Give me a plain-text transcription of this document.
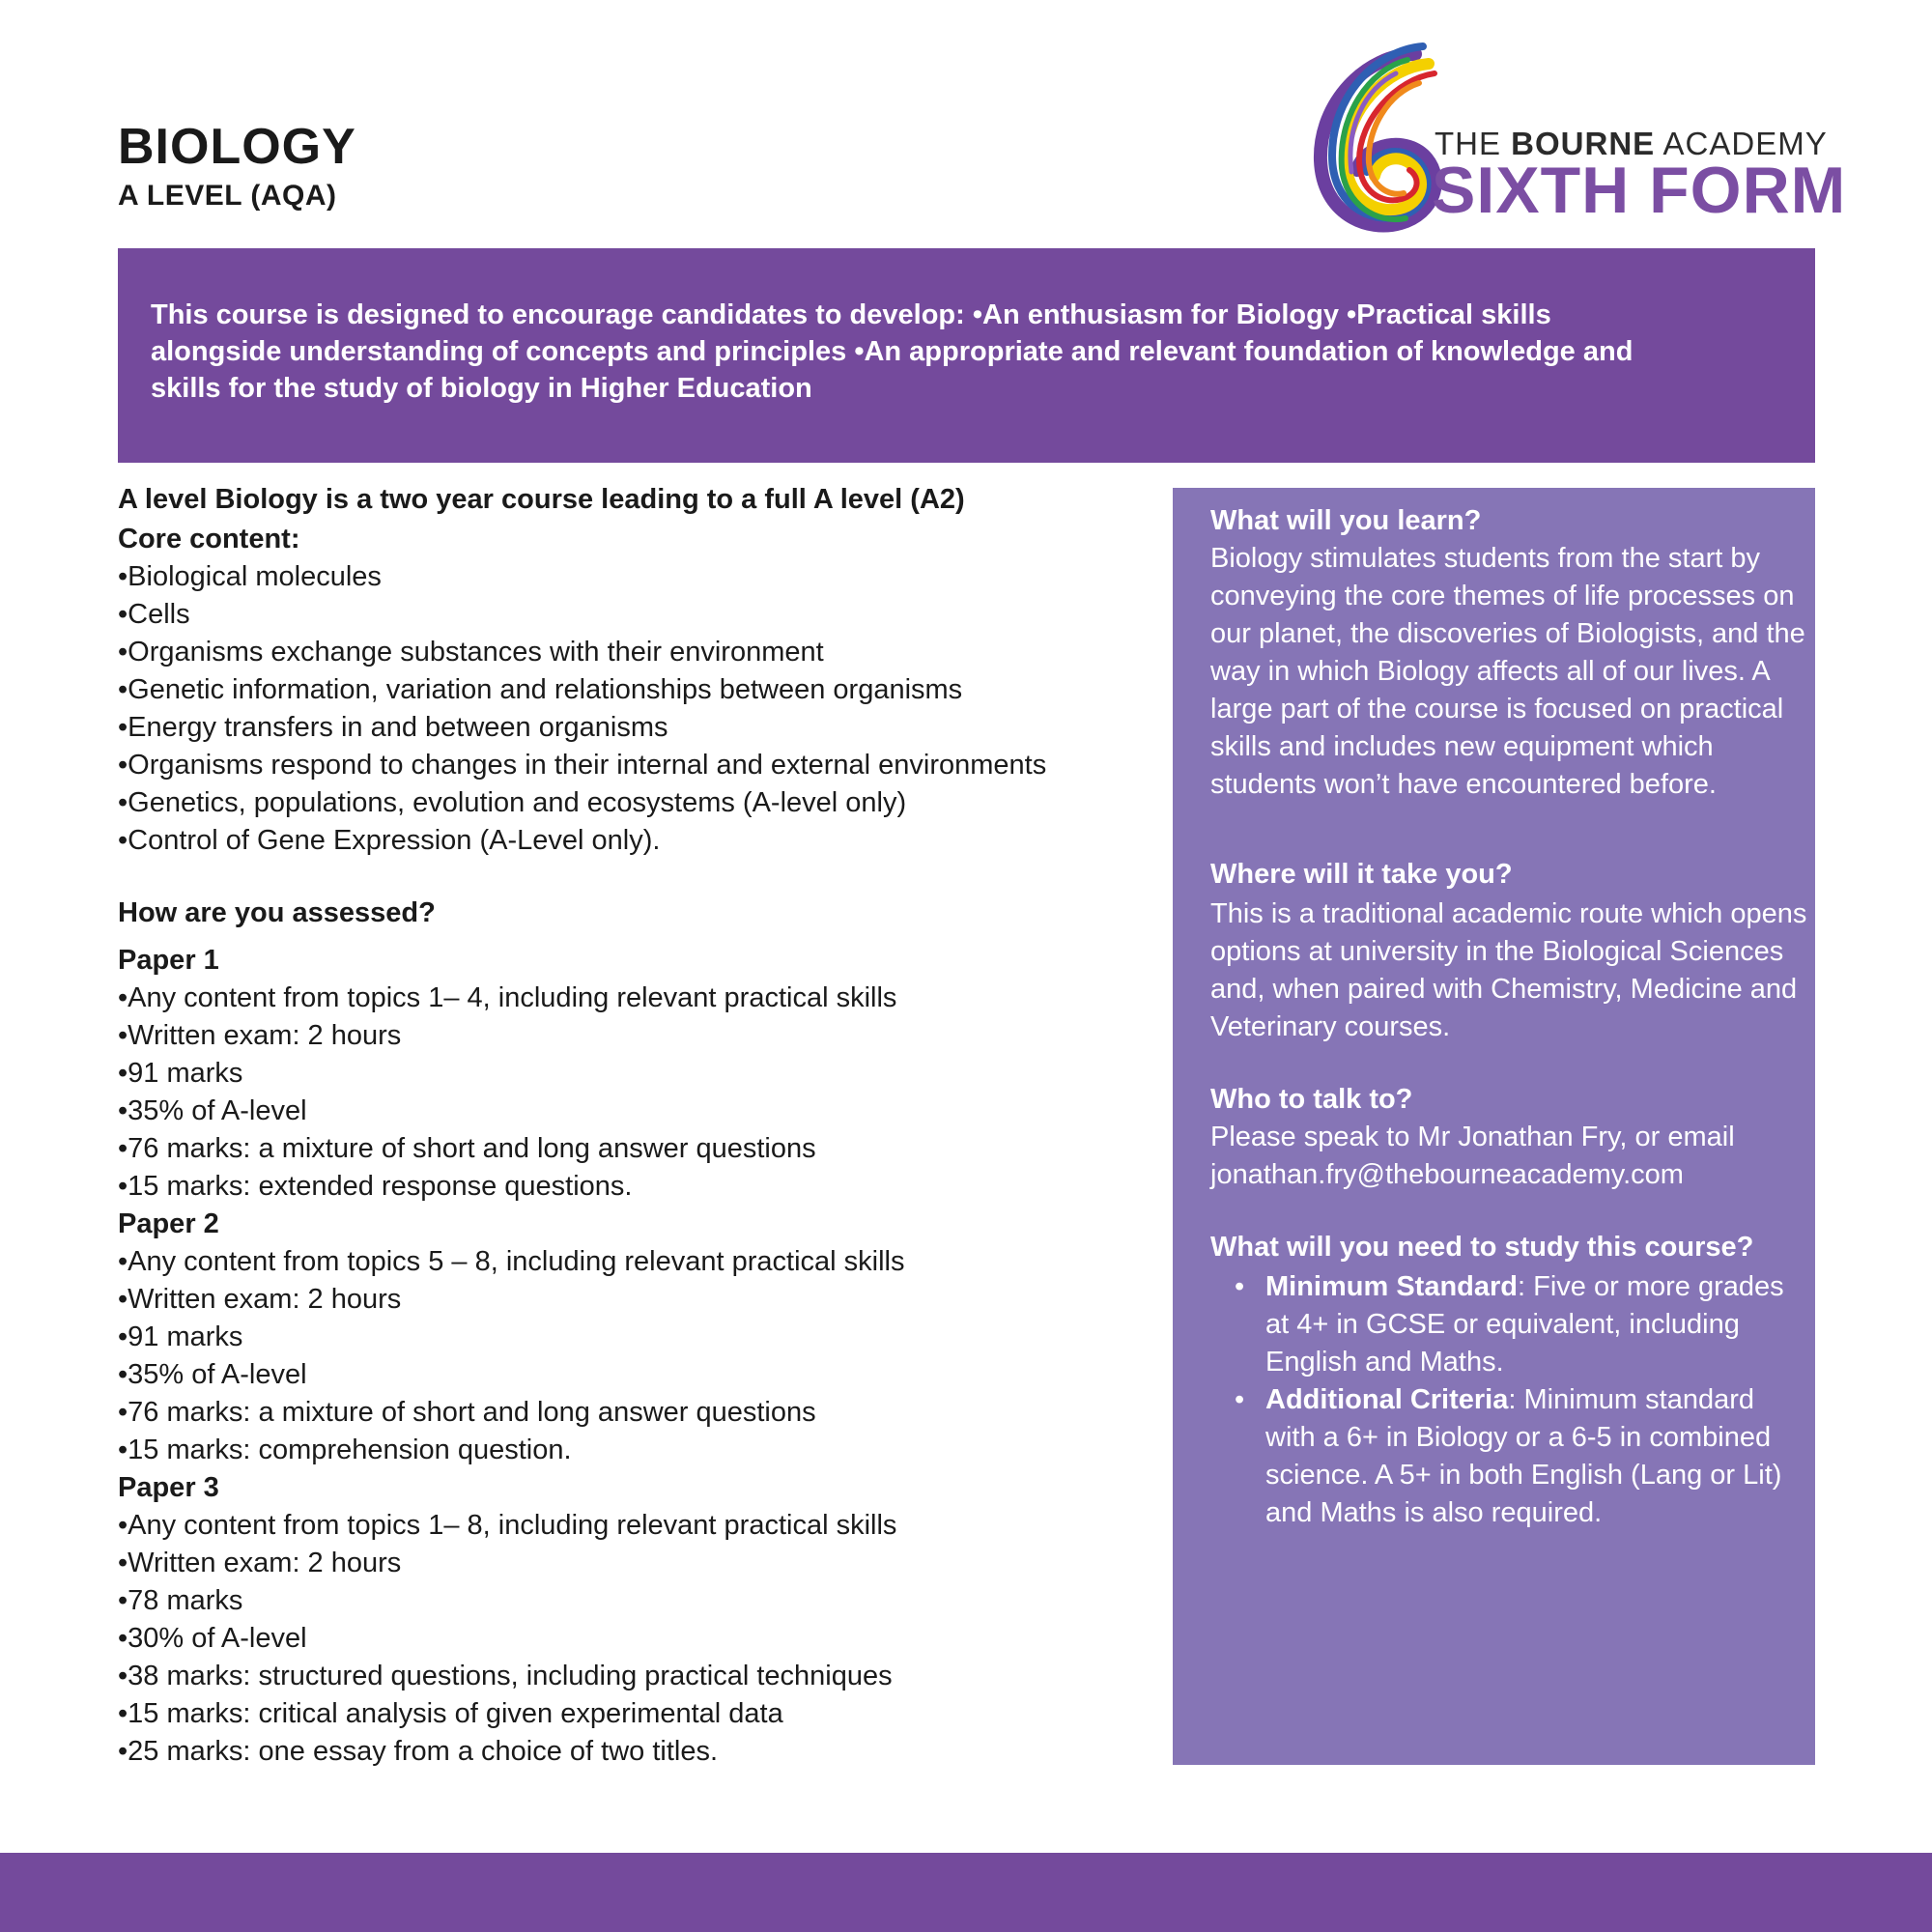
BIOLOGY
A LEVEL (AQA)
THE BOURNE ACADEMY
SIXTH FORM
This course is designed to encourage candidates to develop: •An enthusiasm for Biology •Practical skills alongside understanding of concepts and principles •An appropriate and relevant foundation of knowledge and skills for the study of biology in Higher Education
A level Biology is a two year course leading to a full A level (A2)
Core content:
•Biological molecules
•Cells
•Organisms exchange substances with their environment
•Genetic information, variation and relationships between organisms
•Energy transfers in and between organisms
•Organisms respond to changes in their internal and external environments
•Genetics, populations, evolution and ecosystems (A-level only)
•Control of Gene Expression (A-Level only).
How are you assessed?
Paper 1
•Any content from topics 1– 4, including relevant practical skills
•Written exam: 2 hours
•91 marks
•35% of A-level
•76 marks: a mixture of short and long answer questions
•15 marks: extended response questions.
Paper 2
•Any content from topics 5 – 8, including relevant practical skills
•Written exam: 2 hours
•91 marks
•35% of A-level
•76 marks: a mixture of short and long answer questions
•15 marks: comprehension question.
Paper 3
•Any content from topics 1– 8, including relevant practical skills
•Written exam: 2 hours
•78 marks
•30% of A-level
•38 marks: structured questions, including practical techniques
•15 marks: critical analysis of given experimental data
•25 marks: one essay from a choice of two titles.
What will you learn?
Biology stimulates students from the start by conveying the core themes of life processes on our planet, the discoveries of Biologists, and the way in which Biology affects all of our lives. A large part of the course is focused on practical skills and includes new equipment which students won’t have encountered before.
Where will it take you?
This is a traditional academic route which opens options at university in the Biological Sciences and, when paired with Chemistry, Medicine and Veterinary courses.
Who to talk to?
Please speak to Mr Jonathan Fry, or email
jonathan.fry@thebourneacademy.com
What will you need to study this course?
• Minimum Standard: Five or more grades at 4+ in GCSE or equivalent, including English and Maths.
• Additional Criteria: Minimum standard with a 6+ in Biology or a 6-5 in combined science. A 5+ in both English (Lang or Lit) and Maths is also required.
